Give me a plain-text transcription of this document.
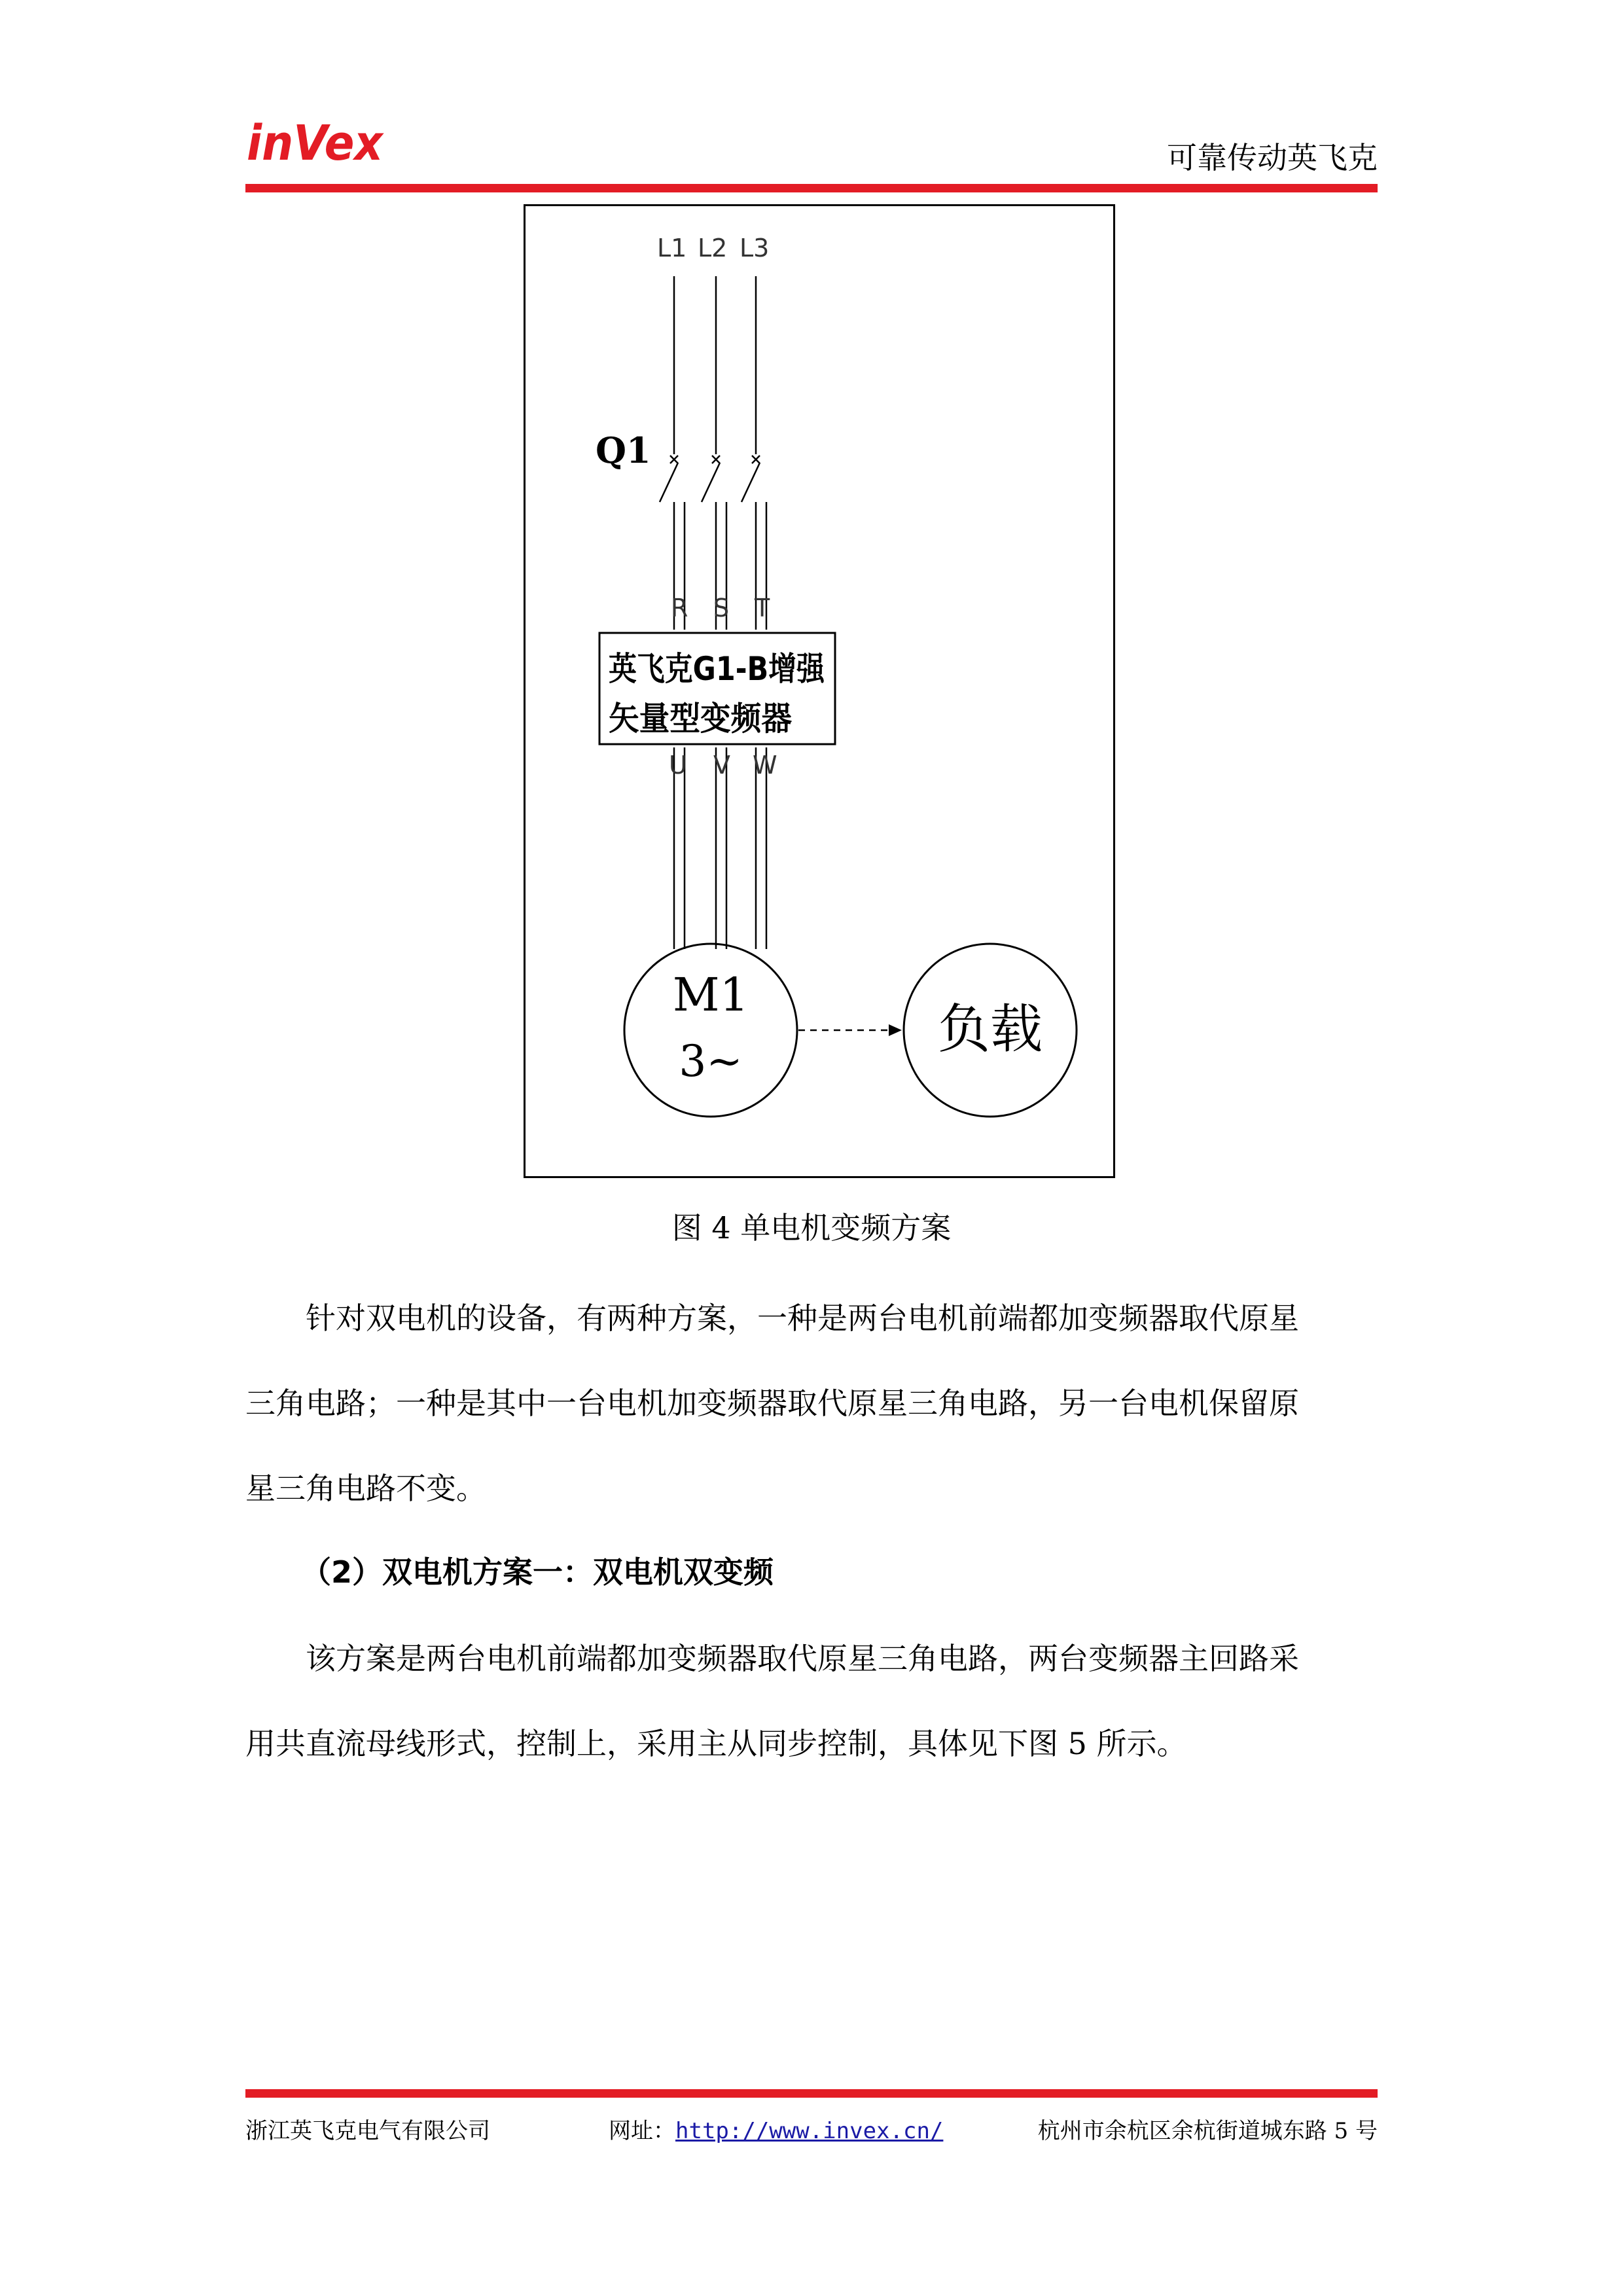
inVex	可靠传动英飞克
L1 L2 L3
R S T
U V W
Q1
英飞克G1-B增强
矢量型变频器
M1
3~
负载
图 4 单电机变频方案
针对双电机的设备，有两种方案，一种是两台电机前端都加变频器取代原星
三角电路；一种是其中一台电机加变频器取代原星三角电路，另一台电机保留原
星三角电路不变。
（2）双电机方案一：双电机双变频
该方案是两台电机前端都加变频器取代原星三角电路，两台变频器主回路采
用共直流母线形式，控制上，采用主从同步控制，具体见下图 5 所示。
浙江英飞克电气有限公司	网址：http://www.invex.cn/	杭州市余杭区余杭街道城东路 5 号
